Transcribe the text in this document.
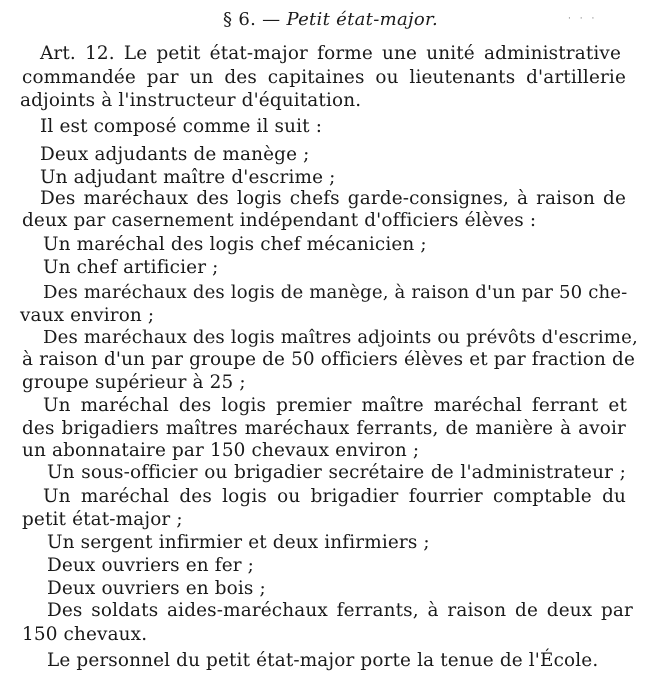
§ 6. — Petit état-major.	· · ·
Art. 12. Le petit état-major forme une unité administrative
commandée par un des capitaines ou lieutenants d'artillerie
adjoints à l'instructeur d'équitation.
Il est composé comme il suit :
Deux adjudants de manège ;
Un adjudant maître d'escrime ;
Des maréchaux des logis chefs garde-consignes, à raison de
deux par casernement indépendant d'officiers élèves :
Un maréchal des logis chef mécanicien ;
Un chef artificier ;
Des maréchaux des logis de manège, à raison d'un par 50 che-
vaux environ ;
Des maréchaux des logis maîtres adjoints ou prévôts d'escrime,
à raison d'un par groupe de 50 officiers élèves et par fraction de
groupe supérieur à 25 ;
Un maréchal des logis premier maître maréchal ferrant et
des brigadiers maîtres maréchaux ferrants, de manière à avoir
un abonnataire par 150 chevaux environ ;
Un sous-officier ou brigadier secrétaire de l'administrateur ;
Un maréchal des logis ou brigadier fourrier comptable du
petit état-major ;
Un sergent infirmier et deux infirmiers ;
Deux ouvriers en fer ;
Deux ouvriers en bois ;
Des soldats aides-maréchaux ferrants, à raison de deux par
150 chevaux.
Le personnel du petit état-major porte la tenue de l'École.
